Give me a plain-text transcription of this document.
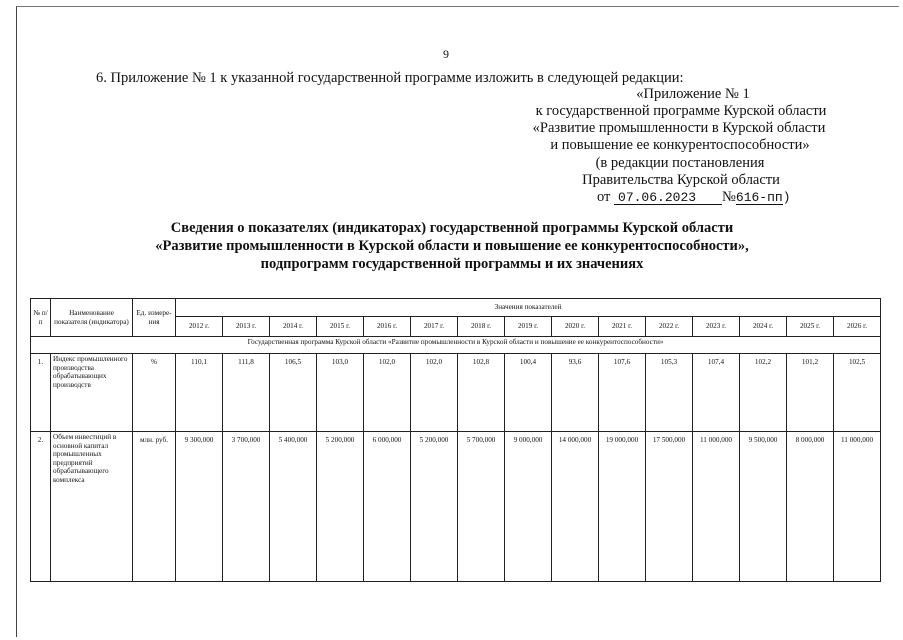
9
6. Приложение № 1 к указанной государственной программе изложить в следующей редакции:
«Приложение № 1
к государственной программе Курской области
«Развитие промышленности в Курской области
и повышение ее конкурентоспособности»
(в редакции постановления
Правительства Курской области
от 07.06.2023 №616-пп)
Сведения о показателях (индикаторах) государственной программы Курской области
«Развитие промышленности в Курской области и повышение ее конкурентоспособности»,
подпрограмм государственной программы и их значениях
№ п/п	Наименование показателя (индикатора)	Ед. измере-ния	Значения показателей														
			2012 г.	2013 г.	2014 г.	2015 г.	2016 г.	2017 г.	2018 г.	2019 г.	2020 г.	2021 г.	2022 г.	2023 г.	2024 г.	2025 г.	2026 г.
Государственная программа Курской области «Развитие промышленности в Курской области и повышение ее конкурентоспособности»																	
1.	Индекс промышленного производства обрабатывающих производств	%	110,1	111,8	106,5	103,0	102,0	102,0	102,8	100,4	93,6	107,6	105,3	107,4	102,2	101,2	102,5
2.	Объем инвестиций в основной капитал промышленных предприятий обрабатывающего комплекса	млн. руб.	9 300,000	3 700,000	5 400,000	5 200,000	6 000,000	5 200,000	5 700,000	9 000,000	14 000,000	19 000,000	17 500,000	11 000,000	9 500,000	8 000,000	11 000,000
